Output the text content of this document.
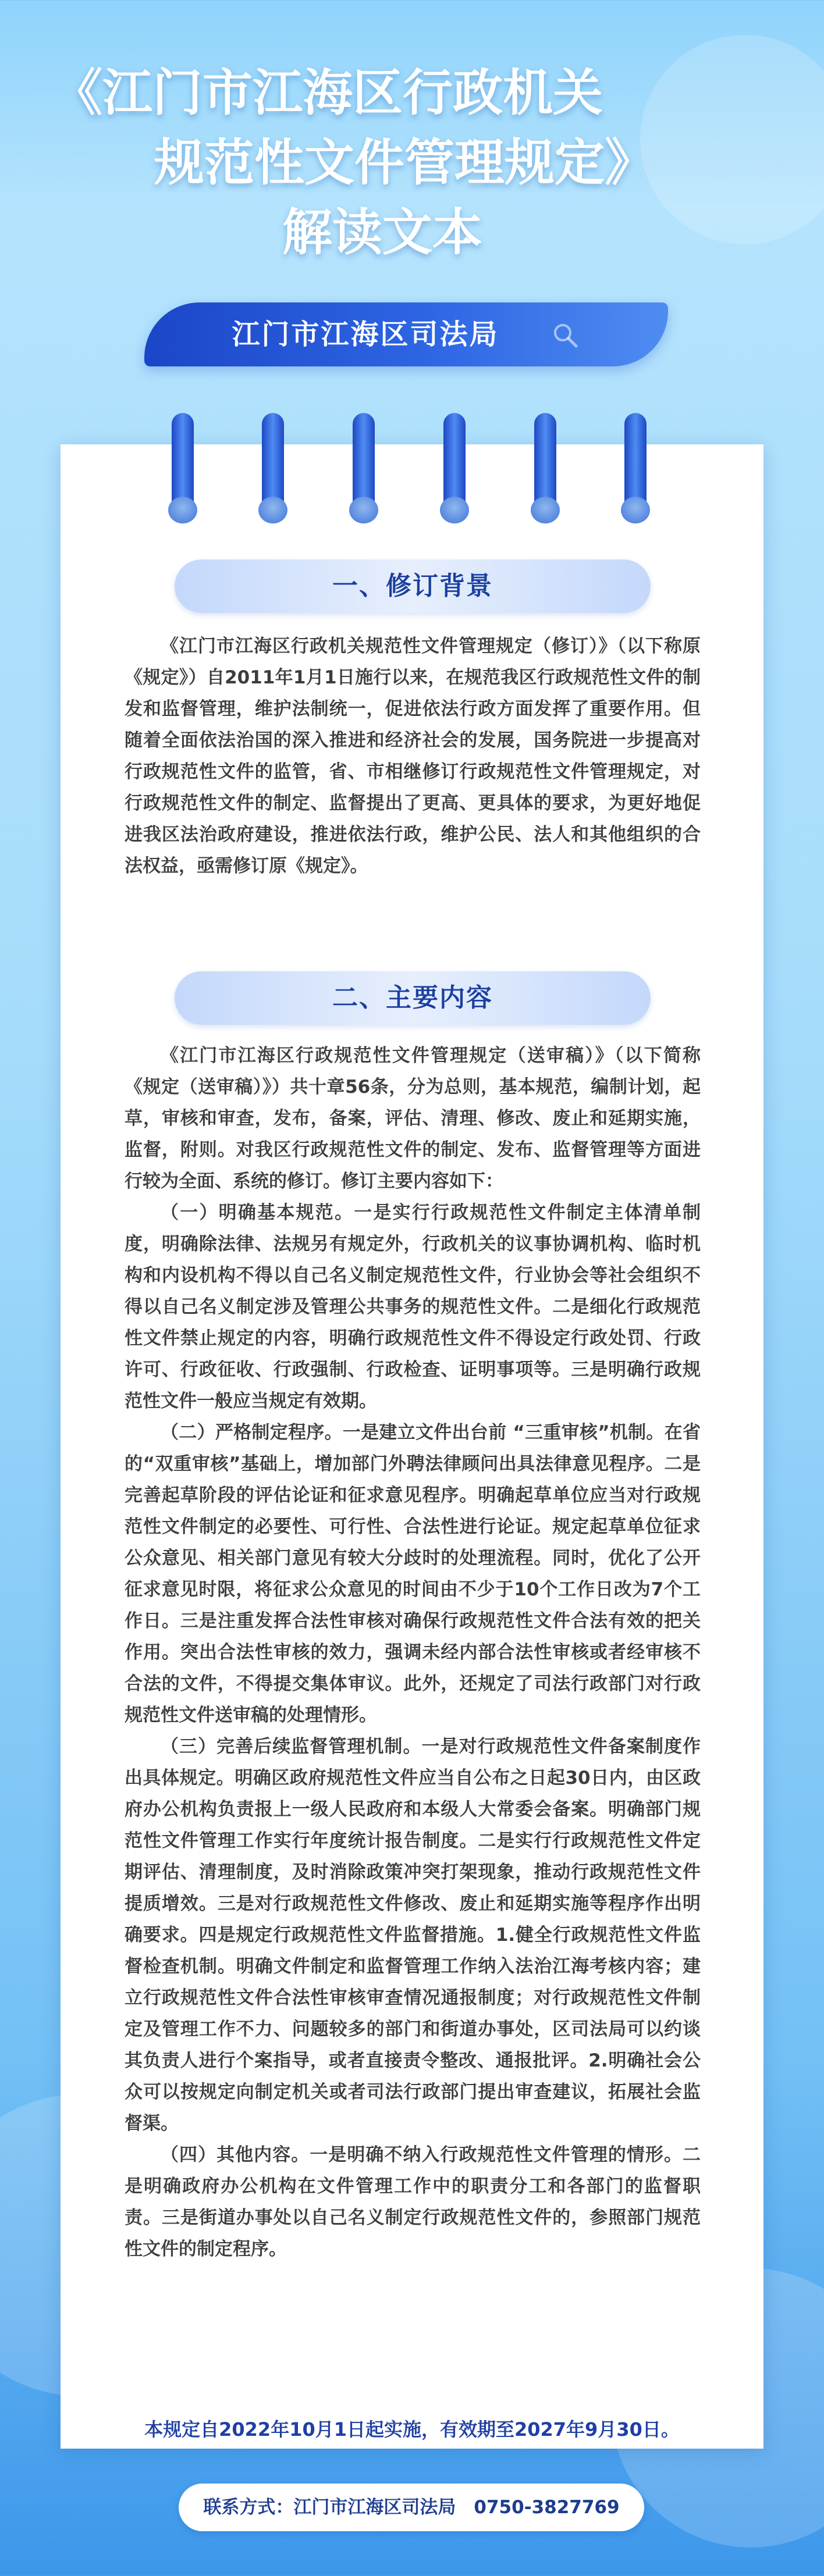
《江门市江海区行政机关
规范性文件管理规定》
解读文本
江门市江海区司法局
一、修订背景

《江门市江海区行政机关规范性文件管理规定（修订）》（以下称原《规定》）自2011年1月1日施行以来，在规范我区行政规范性文件的制发和监督管理，维护法制统一，促进依法行政方面发挥了重要作用。但随着全面依法治国的深入推进和经济社会的发展，国务院进一步提高对行政规范性文件的监管，省、市相继修订行政规范性文件管理规定，对行政规范性文件的制定、监督提出了更高、更具体的要求，为更好地促进我区法治政府建设，推进依法行政，维护公民、法人和其他组织的合法权益，亟需修订原《规定》。

二、主要内容

《江门市江海区行政规范性文件管理规定（送审稿）》（以下简称《规定（送审稿）》）共十章56条，分为总则，基本规范，编制计划，起草，审核和审查，发布，备案，评估、清理、修改、废止和延期实施，监督，附则。对我区行政规范性文件的制定、发布、监督管理等方面进行较为全面、系统的修订。修订主要内容如下：

（一）明确基本规范。一是实行行政规范性文件制定主体清单制度，明确除法律、法规另有规定外，行政机关的议事协调机构、临时机构和内设机构不得以自己名义制定规范性文件，行业协会等社会组织不得以自己名义制定涉及管理公共事务的规范性文件。二是细化行政规范性文件禁止规定的内容，明确行政规范性文件不得设定行政处罚、行政许可、行政征收、行政强制、行政检查、证明事项等。三是明确行政规范性文件一般应当规定有效期。

（二）严格制定程序。一是建立文件出台前 “三重审核”机制。在省的“双重审核”基础上，增加部门外聘法律顾问出具法律意见程序。二是完善起草阶段的评估论证和征求意见程序。明确起草单位应当对行政规范性文件制定的必要性、可行性、合法性进行论证。规定起草单位征求公众意见、相关部门意见有较大分歧时的处理流程。同时，优化了公开征求意见时限，将征求公众意见的时间由不少于10个工作日改为7个工作日。三是注重发挥合法性审核对确保行政规范性文件合法有效的把关作用。突出合法性审核的效力，强调未经内部合法性审核或者经审核不合法的文件，不得提交集体审议。此外，还规定了司法行政部门对行政规范性文件送审稿的处理情形。

（三）完善后续监督管理机制。一是对行政规范性文件备案制度作出具体规定。明确区政府规范性文件应当自公布之日起30日内，由区政府办公机构负责报上一级人民政府和本级人大常委会备案。明确部门规范性文件管理工作实行年度统计报告制度。二是实行行政规范性文件定期评估、清理制度，及时消除政策冲突打架现象，推动行政规范性文件提质增效。三是对行政规范性文件修改、废止和延期实施等程序作出明确要求。四是规定行政规范性文件监督措施。1.健全行政规范性文件监督检查机制。明确文件制定和监督管理工作纳入法治江海考核内容；建立行政规范性文件合法性审核审查情况通报制度；对行政规范性文件制定及管理工作不力、问题较多的部门和街道办事处，区司法局可以约谈其负责人进行个案指导，或者直接责令整改、通报批评。2.明确社会公众可以按规定向制定机关或者司法行政部门提出审查建议，拓展社会监督渠。

（四）其他内容。一是明确不纳入行政规范性文件管理的情形。二是明确政府办公机构在文件管理工作中的职责分工和各部门的监督职责。三是街道办事处以自己名义制定行政规范性文件的，参照部门规范性文件的制定程序。

本规定自2022年10月1日起实施，有效期至2027年9月30日。
联系方式：江门市江海区司法局　0750-3827769
